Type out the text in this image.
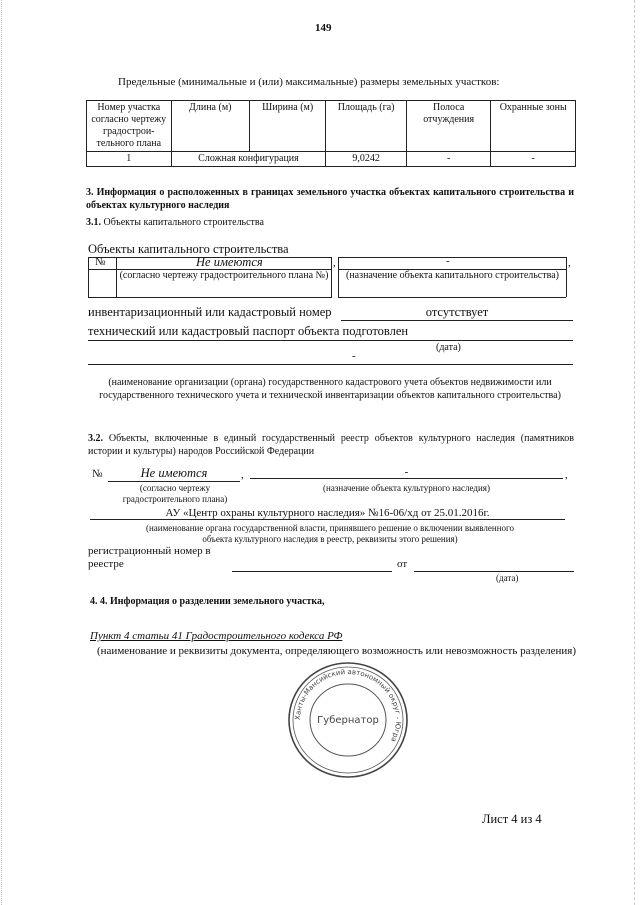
149
Предельные (минимальные и (или) максимальные) размеры земельных участков:
Номер участка согласно чертежу градострои-тельного плана	Длина (м)	Ширина (м)	Площадь (га)	Полоса отчуждения	Охранные зоны
1	Сложная конфигурация		9,0242	-	-
3. Информация о расположенных в границах земельного участка объектах капитального строительства и объектах культурного наследия
3.1. Объекты капитального строительства
Объекты капитального строительства
№	Не имеются
(согласно чертежу градостроительного плана №)
,	-	,
(назначение объекта капитального строительства)
инвентаризационный или кадастровый номер	отсутствует
технический или кадастровый паспорт объекта подготовлен
(дата)
-
(наименование организации (органа) государственного кадастрового учета объектов недвижимости или государственного технического учета и технической инвентаризации объектов капитального строительства)
3.2. Объекты, включенные в единый государственный реестр объектов культурного наследия (памятников истории и культуры) народов Российской Федерации
№	Не имеются	,	-	,
(согласно чертежу градостроительного плана)
(назначение объекта культурного наследия)
АУ «Центр охраны культурного наследия» №16-06/хд от 25.01.2016г.
(наименование органа государственной власти, принявшего решение о включении выявленного объекта культурного наследия в реестр, реквизиты этого решения)
регистрационный номер в
реестре	от
(дата)
4. 4. Информация о разделении земельного участка,
Пункт 4 статьи 41 Градостроительного кодекса РФ
(наименование и реквизиты документа, определяющего возможность или невозможность разделения)
Ханты-Мансийский автономный округ - Югра
Губернатор
Лист 4 из 4
